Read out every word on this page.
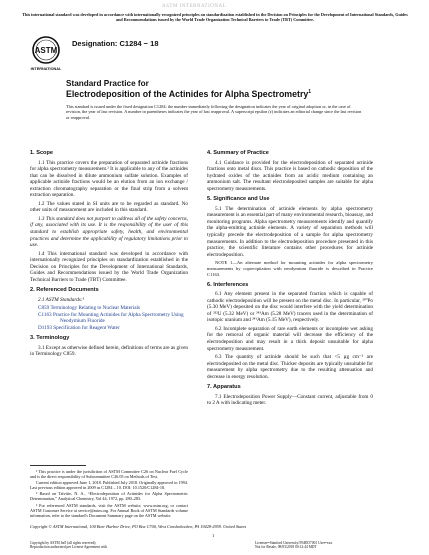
ASTM INTERNATIONAL
This international standard was developed in accordance with internationally recognized principles on standardization established in the Decision on Principles for the Development of International Standards, Guides and Recommendations issued by the World Trade Organization Technical Barriers to Trade (TBT) Committee.
ASTM
INTERNATIONAL
Designation: C1284 − 18
Standard Practice for
Electrodeposition of the Actinides for Alpha Spectrometry$^1$
This standard is issued under the fixed designation C1284; the number immediately following the designation indicates the year of original adoption or, in the case of revision, the year of last revision. A number in parentheses indicates the year of last reapproval. A superscript epsilon (ε) indicates an editorial change since the last revision or reapproval.
1. Scope

1.1 This practice covers the preparation of separated actinide fractions for alpha spectrometry measurement.² It is applicable to any of the actinides that can be dissolved in dilute ammonium sulfate solution. Examples of applicable actinide fractions would be an elution from an ion exchange / extraction chromatography separation or the final strip from a solvent extraction separation.

1.2 The values stated in SI units are to be regarded as standard. No other units of measurement are included in this standard.

1.3 This standard does not purport to address all of the safety concerns, if any, associated with its use. It is the responsibility of the user of this standard to establish appropriate safety, health, and environmental practices and determine the applicability of regulatory limitations prior to use.

1.4 This international standard was developed in accordance with internationally recognized principles on standardization established in the Decision on Principles for the Development of International Standards, Guides and Recommendations issued by the World Trade Organization Technical Barriers to Trade (TBT) Committee.

2. Referenced Documents

2.1 ASTM Standards:³

C859 Terminology Relating to Nuclear Materials
C1163 Practice for Mounting Actinides for Alpha Spectrometry Using Neodymium Fluoride
D1193 Specification for Reagent Water
3. Terminology

3.1 Except as otherwise defined herein, definitions of terms are as given in Terminology C859.

¹ This practice is under the jurisdiction of ASTM Committee C26 on Nuclear Fuel Cycle and is the direct responsibility of Subcommittee C26.05 on Methods of Test.

Current edition approved June 1, 2018. Published July 2018. Originally approved in 1994. Last previous edition approved in 2009 as C1284 – 10. DOI: 10.1520/C1284-18.

² Based on Talvitie, N. A., “Electrodeposition of Actinides for Alpha Spectrometric Determination,” Analytical Chemistry, Vol 44, 1972, pp. 280–283.

³ For referenced ASTM standards, visit the ASTM website, www.astm.org, or contact ASTM Customer Service at service@astm.org. For Annual Book of ASTM Standards volume information, refer to the standard's Document Summary page on the ASTM website.

4. Summary of Practice

4.1 Guidance is provided for the electrodeposition of separated actinide fractions onto metal discs. This practice is based on cathodic deposition of the hydrated oxides of the actinides from an acidic medium containing an ammonium salt. The resultant electrodeposited samples are suitable for alpha spectrometry measurements.

5. Significance and Use

5.1 The determination of actinide elements by alpha spectrometry measurement is an essential part of many environmental research, bioassay, and monitoring programs. Alpha spectrometry measurements identify and quantify the alpha-emitting actinide elements. A variety of separation methods will typically precede the electrodeposition of a sample for alpha spectrometry measurements. In addition to the electrodeposition procedure presented in this practice, the scientific literature contains other procedures for actinide electrodeposition.

NOTE 1—An alternate method for mounting actinides for alpha spectrometry measurements by coprecipitation with neodymium fluoride is described in Practice C1163.

6. Interferences

6.1 Any element present in the separated fraction which is capable of cathodic electrodeposition will be present on the metal disc. In particular, ²¹⁰Po (5.30 MeV) deposited on the disc would interfere with the yield determination of ²³²U (5.32 MeV) or ²⁴³Am (5.28 MeV) tracers used in the determination of isotopic uranium and ²⁴¹Am (5.15 MeV), respectively.

6.2 Incomplete separation of rare earth elements or incomplete wet ashing for the removal of organic material will decrease the efficiency of the electrodeposition and may result in a thick deposit unsuitable for alpha spectrometry measurement.

6.3 The quantity of actinide should be such that <5 µg cm⁻² are electrodeposited on the metal disc. Thicker deposits are typically unsuitable for measurement by alpha spectrometry due to the resulting attenuation and decrease in energy resolution.

7. Apparatus

7.1 Electrodeposition Power Supply—Constant current, adjustable from 0 to 2 A with indicating meter.

Copyright © ASTM International, 100 Barr Harbor Drive, PO Box C700, West Conshohocken, PA 19428-2959. United States
1
Copyright by ASTM Int'l (all rights reserved);
Reproduction authorized per License Agreement with
Licensee=Stanford University/5948557001 User=xxx
Not for Resale, 08/03/2018 00:12:44 MDT
